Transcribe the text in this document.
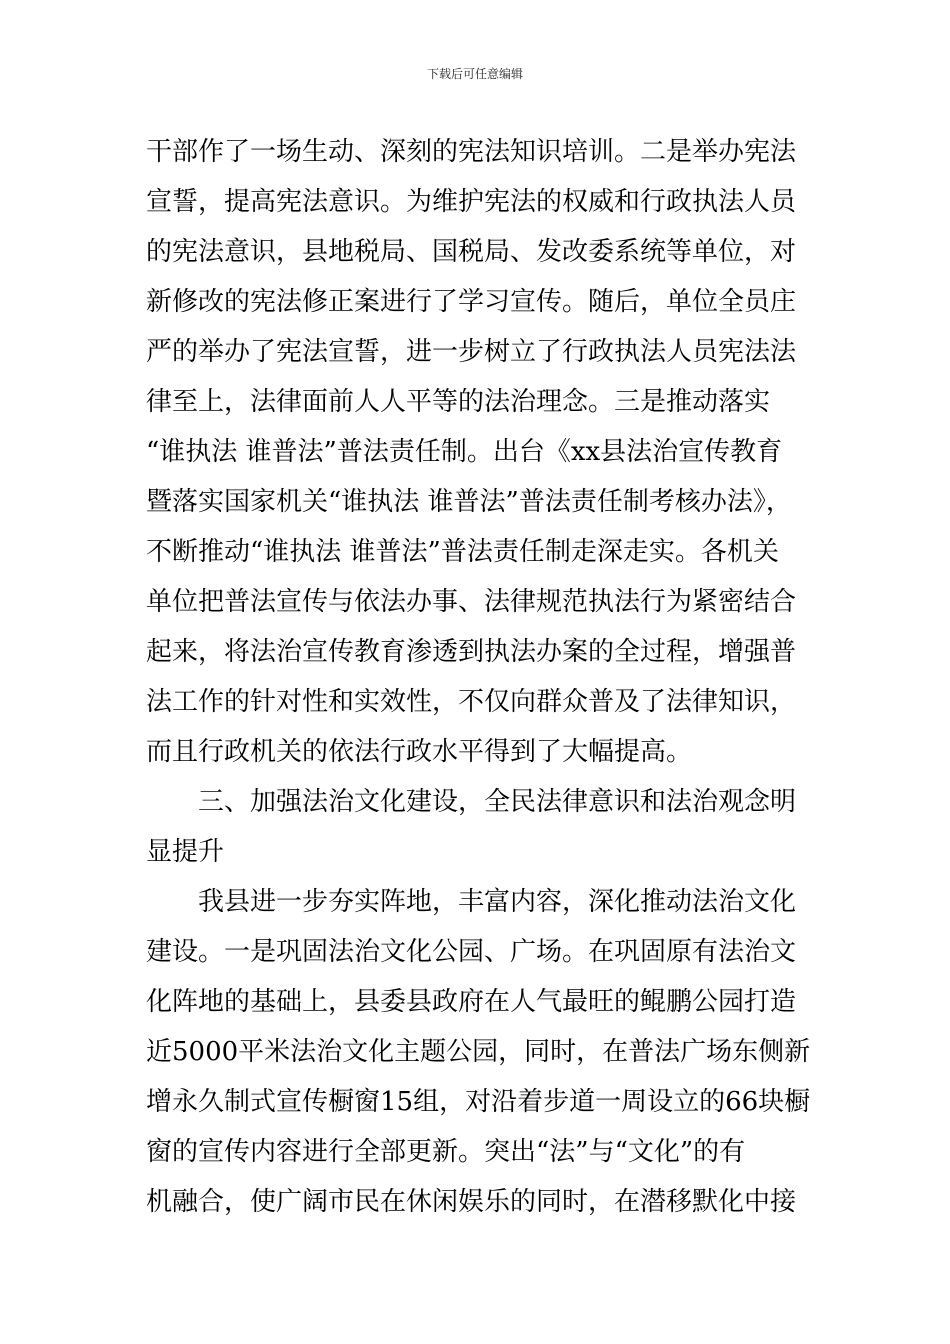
下载后可任意编辑
干部作了一场生动、深刻的宪法知识培训。二是举办宪法
宣誓，提高宪法意识。为维护宪法的权威和行政执法人员
的宪法意识，县地税局、国税局、发改委系统等单位，对
新修改的宪法修正案进行了学习宣传。随后，单位全员庄
严的举办了宪法宣誓，进一步树立了行政执法人员宪法法
律至上，法律面前人人平等的法治理念。三是推动落实
“谁执法 谁普法”普法责任制。出台《xx县法治宣传教育
暨落实国家机关“谁执法 谁普法”普法责任制考核办法》，
不断推动“谁执法 谁普法”普法责任制走深走实。各机关
单位把普法宣传与依法办事、法律规范执法行为紧密结合
起来，将法治宣传教育渗透到执法办案的全过程，增强普
法工作的针对性和实效性，不仅向群众普及了法律知识，
而且行政机关的依法行政水平得到了大幅提高。
三、加强法治文化建设，全民法律意识和法治观念明
显提升
我县进一步夯实阵地，丰富内容，深化推动法治文化
建设。一是巩固法治文化公园、广场。在巩固原有法治文
化阵地的基础上，县委县政府在人气最旺的鲲鹏公园打造
近5000平米法治文化主题公园，同时，在普法广场东侧新
增永久制式宣传橱窗15组，对沿着步道一周设立的66块橱
窗的宣传内容进行全部更新。突出“法”与“文化”的有
机融合，使广阔市民在休闲娱乐的同时，在潜移默化中接
